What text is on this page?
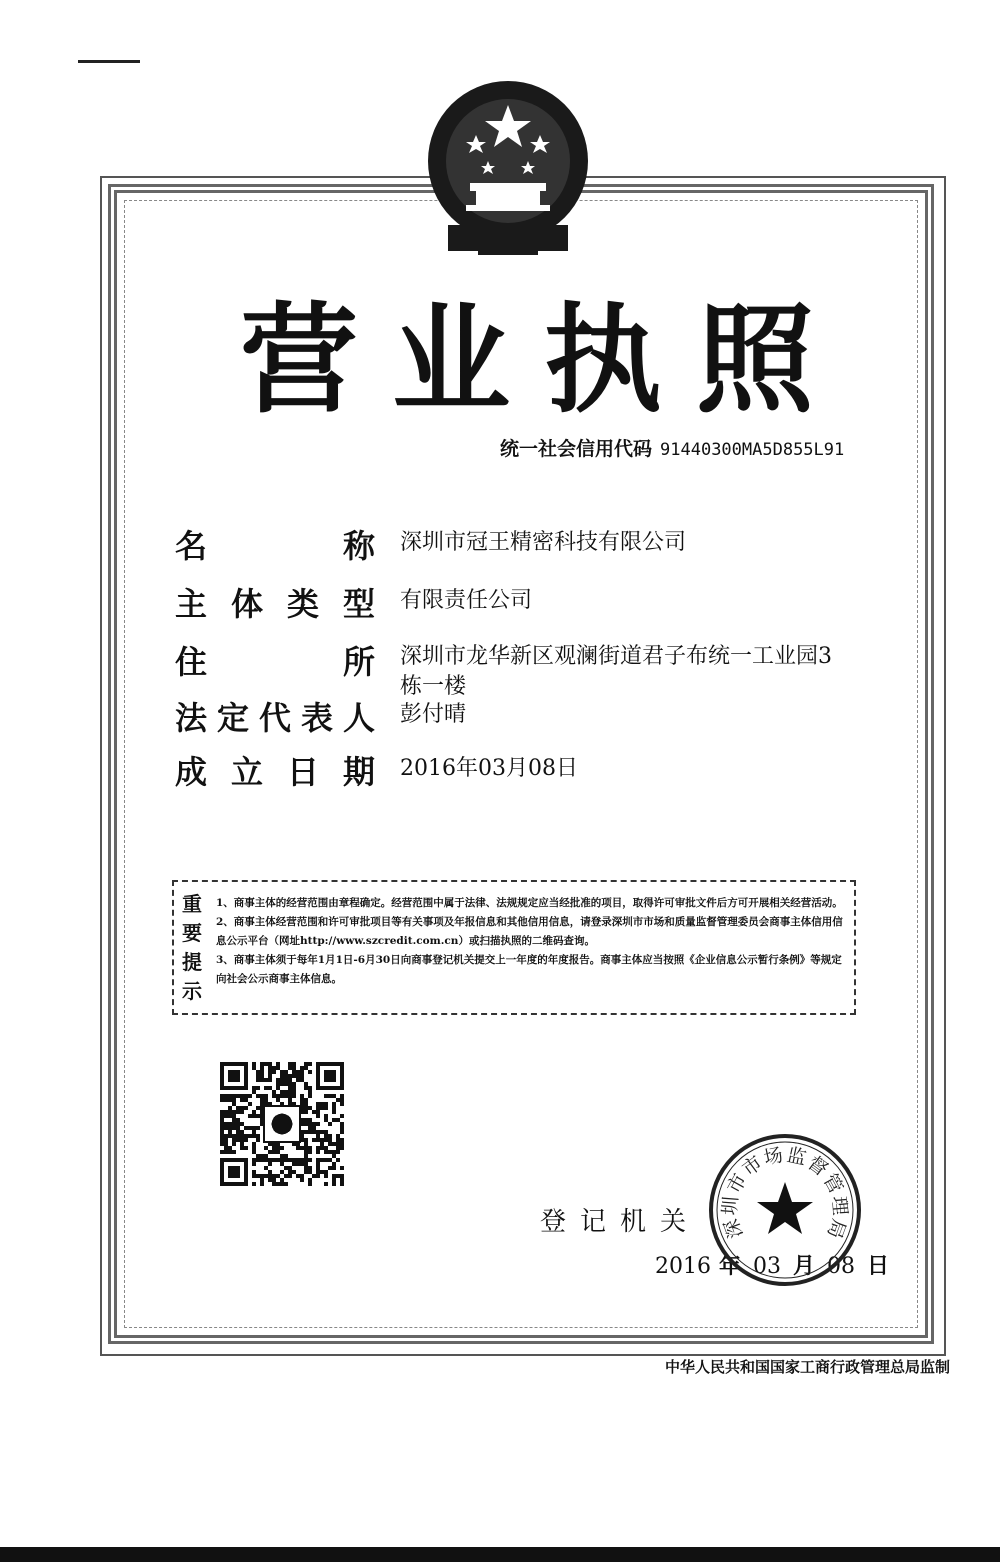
营业执照
统一社会信用代码 91440300MA5D855L91
名称 深圳市冠王精密科技有限公司
主体类型 有限责任公司
住所 深圳市龙华新区观澜街道君子布统一工业园3栋一楼
法定代表人 彭付晴
成立日期 2016年03月08日
重
要
提
示

1、商事主体的经营范围由章程确定。经营范围中属于法律、法规规定应当经批准的项目，取得许可审批文件后方可开展相关经营活动。

2、商事主体经营范围和许可审批项目等有关事项及年报信息和其他信用信息，请登录深圳市市场和质量监督管理委员会商事主体信用信息公示平台（网址http://www.szcredit.com.cn）或扫描执照的二维码查询。

3、商事主体须于每年1月1日-6月30日向商事登记机关提交上一年度的年度报告。商事主体应当按照《企业信息公示暂行条例》等规定向社会公示商事主体信息。

登记机关
2016 年 03 月 08 日
深
圳
市
市
场 监
督
管
理
局
中华人民共和国国家工商行政管理总局监制
